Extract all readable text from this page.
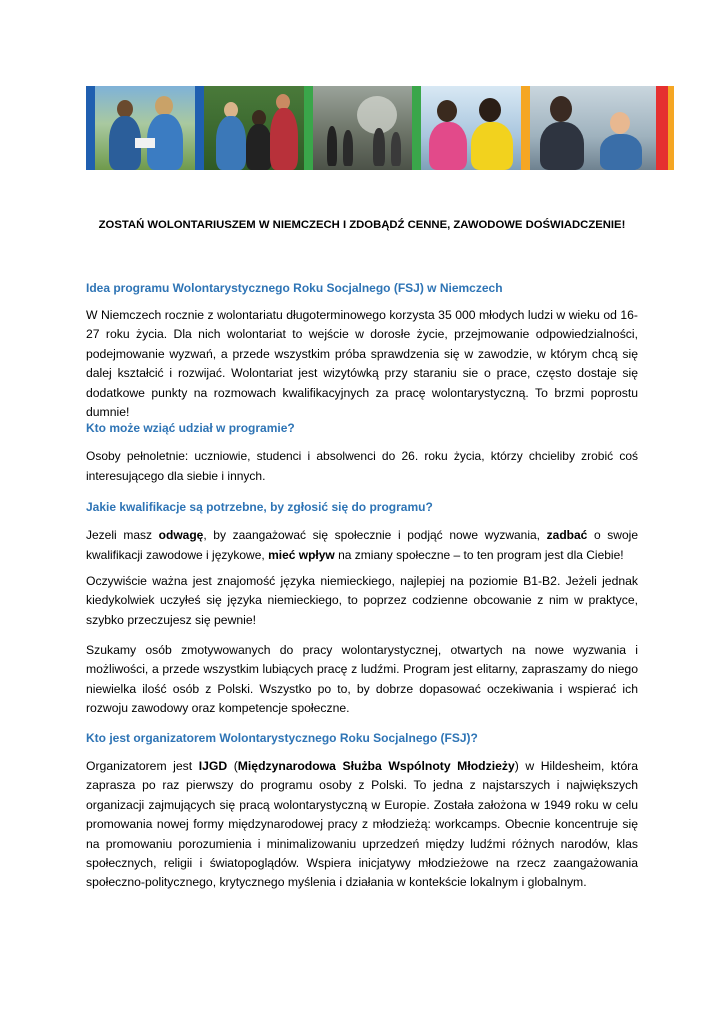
ZOSTAŃ WOLONTARIUSZEM W NIEMCZECH I ZDOBĄDŹ CENNE, ZAWODOWE DOŚWIADCZENIE!
Idea programu Wolontarystycznego Roku Socjalnego (FSJ) w Niemczech

W Niemczech rocznie z wolontariatu długoterminowego korzysta 35 000 młodych ludzi w wieku od 16-27 roku życia. Dla nich wolontariat to wejście w dorosłe życie, przejmowanie odpowiedzialności, podejmowanie wyzwań, a przede wszystkim próba sprawdzenia się w zawodzie, w którym chcą się dalej kształcić i rozwijać. Wolontariat jest wizytówką przy staraniu sie o prace, często dostaje się dodatkowe punkty na rozmowach kwalifikacyjnych za pracę wolontarystyczną. To brzmi poprostu dumnie!

Kto może wziąć udział w programie?

Osoby pełnoletnie: uczniowie, studenci i absolwenci do 26. roku życia, którzy chcieliby zrobić coś interesującego dla siebie i innych.

Jakie kwalifikacje są potrzebne, by zgłosić się do programu?

Jezeli masz odwagę, by zaangażować się społecznie i podjąć nowe wyzwania, zadbać o swoje kwalifikacji zawodowe i językowe, mieć wpływ na zmiany społeczne – to ten program jest dla Ciebie!

Oczywiście ważna jest znajomość języka niemieckiego, najlepiej na poziomie B1-B2. Jeżeli jednak kiedykolwiek uczyłeś się języka niemieckiego, to poprzez codzienne obcowanie z nim w praktyce, szybko przeczujesz się pewnie!

Szukamy osób zmotywowanych do pracy wolontarystycznej, otwartych na nowe wyzwania i możliwości, a przede wszystkim lubiących pracę z ludźmi. Program jest elitarny, zapraszamy do niego niewielka ilość osób z Polski. Wszystko po to, by dobrze dopasować oczekiwania i wspierać ich rozwoju zawodowy oraz kompetencje społeczne.

Kto jest organizatorem Wolontarystycznego Roku Socjalnego (FSJ)?

Organizatorem jest IJGD (Międzynarodowa Służba Wspólnoty Młodzieży) w Hildesheim, która zaprasza po raz pierwszy do programu osoby z Polski. To jedna z najstarszych i największych organizacji zajmujących się pracą wolontarystyczną w Europie. Została założona w 1949 roku w celu promowania nowej formy międzynarodowej pracy z młodzieżą: workcamps. Obecnie koncentruje się na promowaniu porozumienia i minimalizowaniu uprzedzeń między ludźmi różnych narodów, klas społecznych, religii i światopoglądów. Wspiera inicjatywy młodzieżowe na rzecz zaangażowania społeczno-politycznego, krytycznego myślenia i działania w kontekście lokalnym i globalnym.
